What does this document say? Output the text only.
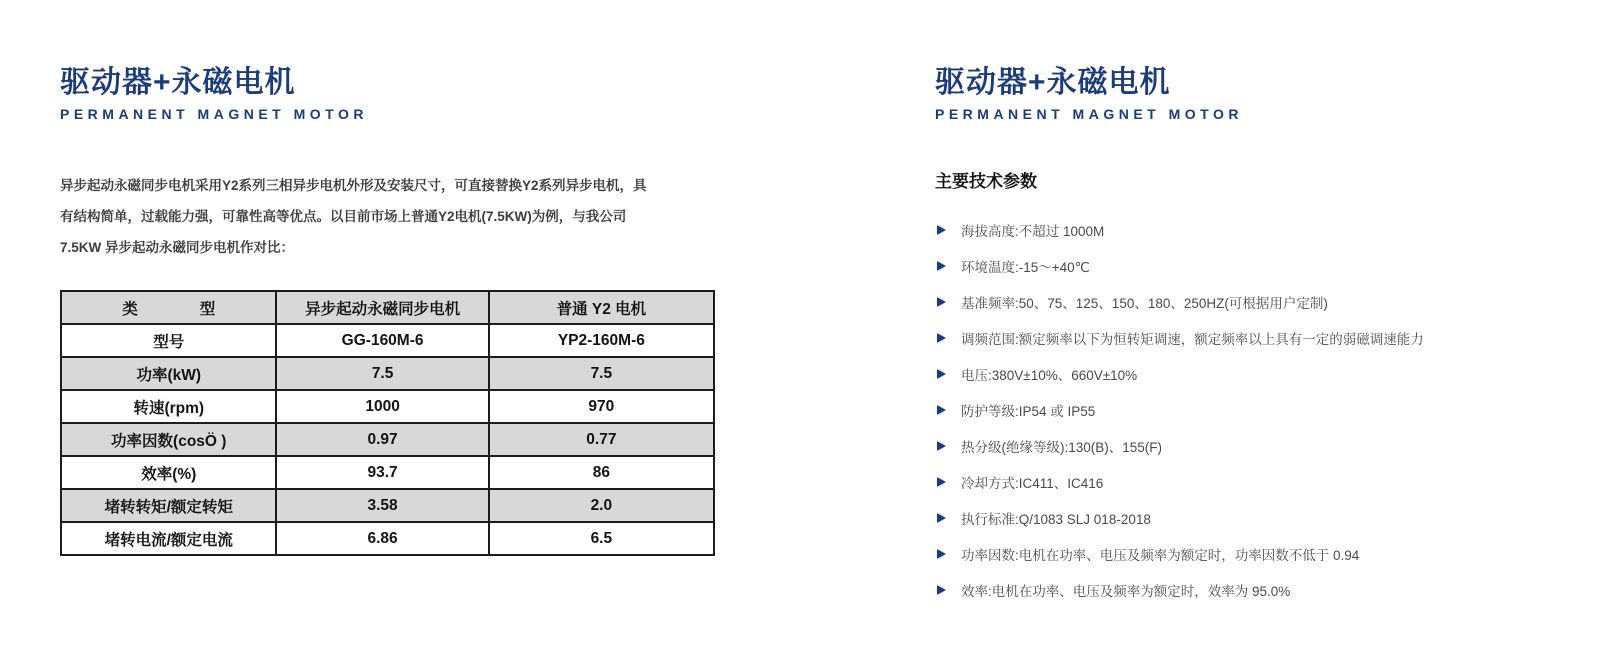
驱动器+永磁电机
PERMANENT MAGNET MOTOR
异步起动永磁同步电机采用Y2系列三相异步电机外形及安装尺寸，可直接替换Y2系列异步电机，具
有结构简单，过载能力强，可靠性高等优点。以目前市场上普通Y2电机(7.5KW)为例，与我公司
7.5KW 异步起动永磁同步电机作对比：
类　　　　型	异步起动永磁同步电机	普通 Y2 电机
型号	GG-160M-6	YP2-160M-6
功率(kW)	7.5	7.5
转速(rpm)	1000	970
功率因数(cosÖ )	0.97	0.77
效率(%)	93.7	86
堵转转矩/额定转矩	3.58	2.0
堵转电流/额定电流	6.86	6.5
驱动器+永磁电机
PERMANENT MAGNET MOTOR
主要技术参数
海拔高度:不超过 1000M
环境温度:-15～+40℃
基准频率:50、75、125、150、180、250HZ(可根据用户定制)
调频范围:额定频率以下为恒转矩调速，额定频率以上具有一定的弱磁调速能力
电压:380V±10%、660V±10%
防护等级:IP54 或 IP55
热分级(绝缘等级):130(B)、155(F)
冷却方式:IC411、IC416
执行标准:Q/1083 SLJ 018-2018
功率因数:电机在功率、电压及频率为额定时，功率因数不低于 0.94
效率:电机在功率、电压及频率为额定时，效率为 95.0%
